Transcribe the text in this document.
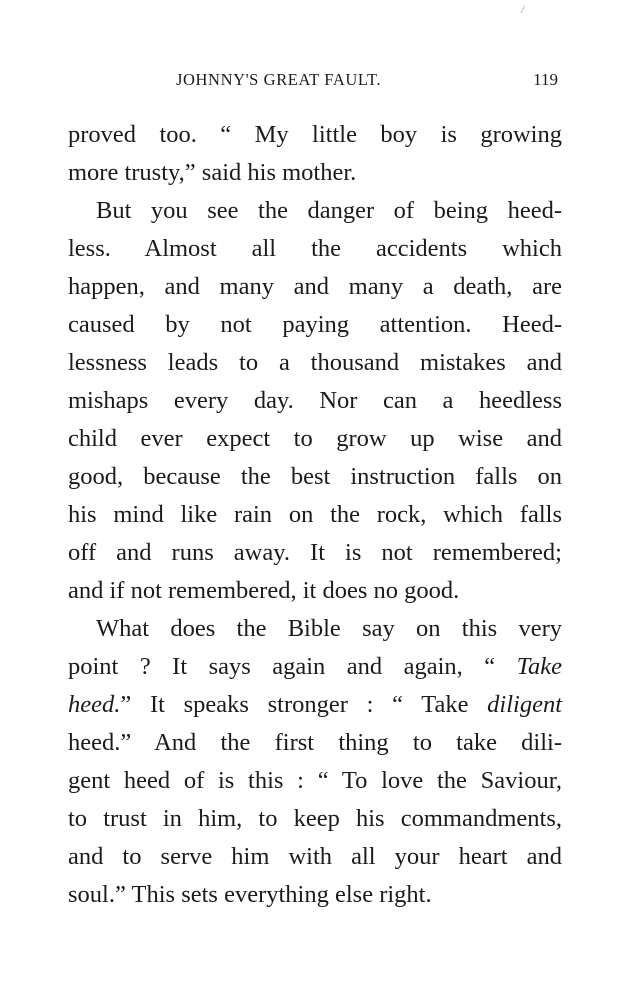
/
JOHNNY'S GREAT FAULT.	119
proved too. “ My little boy is growing
more trusty,” said his mother.
But you see the danger of being heed-
less. Almost all the accidents which
happen, and many and many a death, are
caused by not paying attention. Heed-
lessness leads to a thousand mistakes and
mishaps every day. Nor can a heedless
child ever expect to grow up wise and
good, because the best instruction falls on
his mind like rain on the rock, which falls
off and runs away. It is not remembered;
and if not remembered, it does no good.
What does the Bible say on this very
point ? It says again and again, “ Take
heed.” It speaks stronger : “ Take diligent
heed.” And the first thing to take dili-
gent heed of is this : “ To love the Saviour,
to trust in him, to keep his commandments,
and to serve him with all your heart and
soul.” This sets everything else right.
